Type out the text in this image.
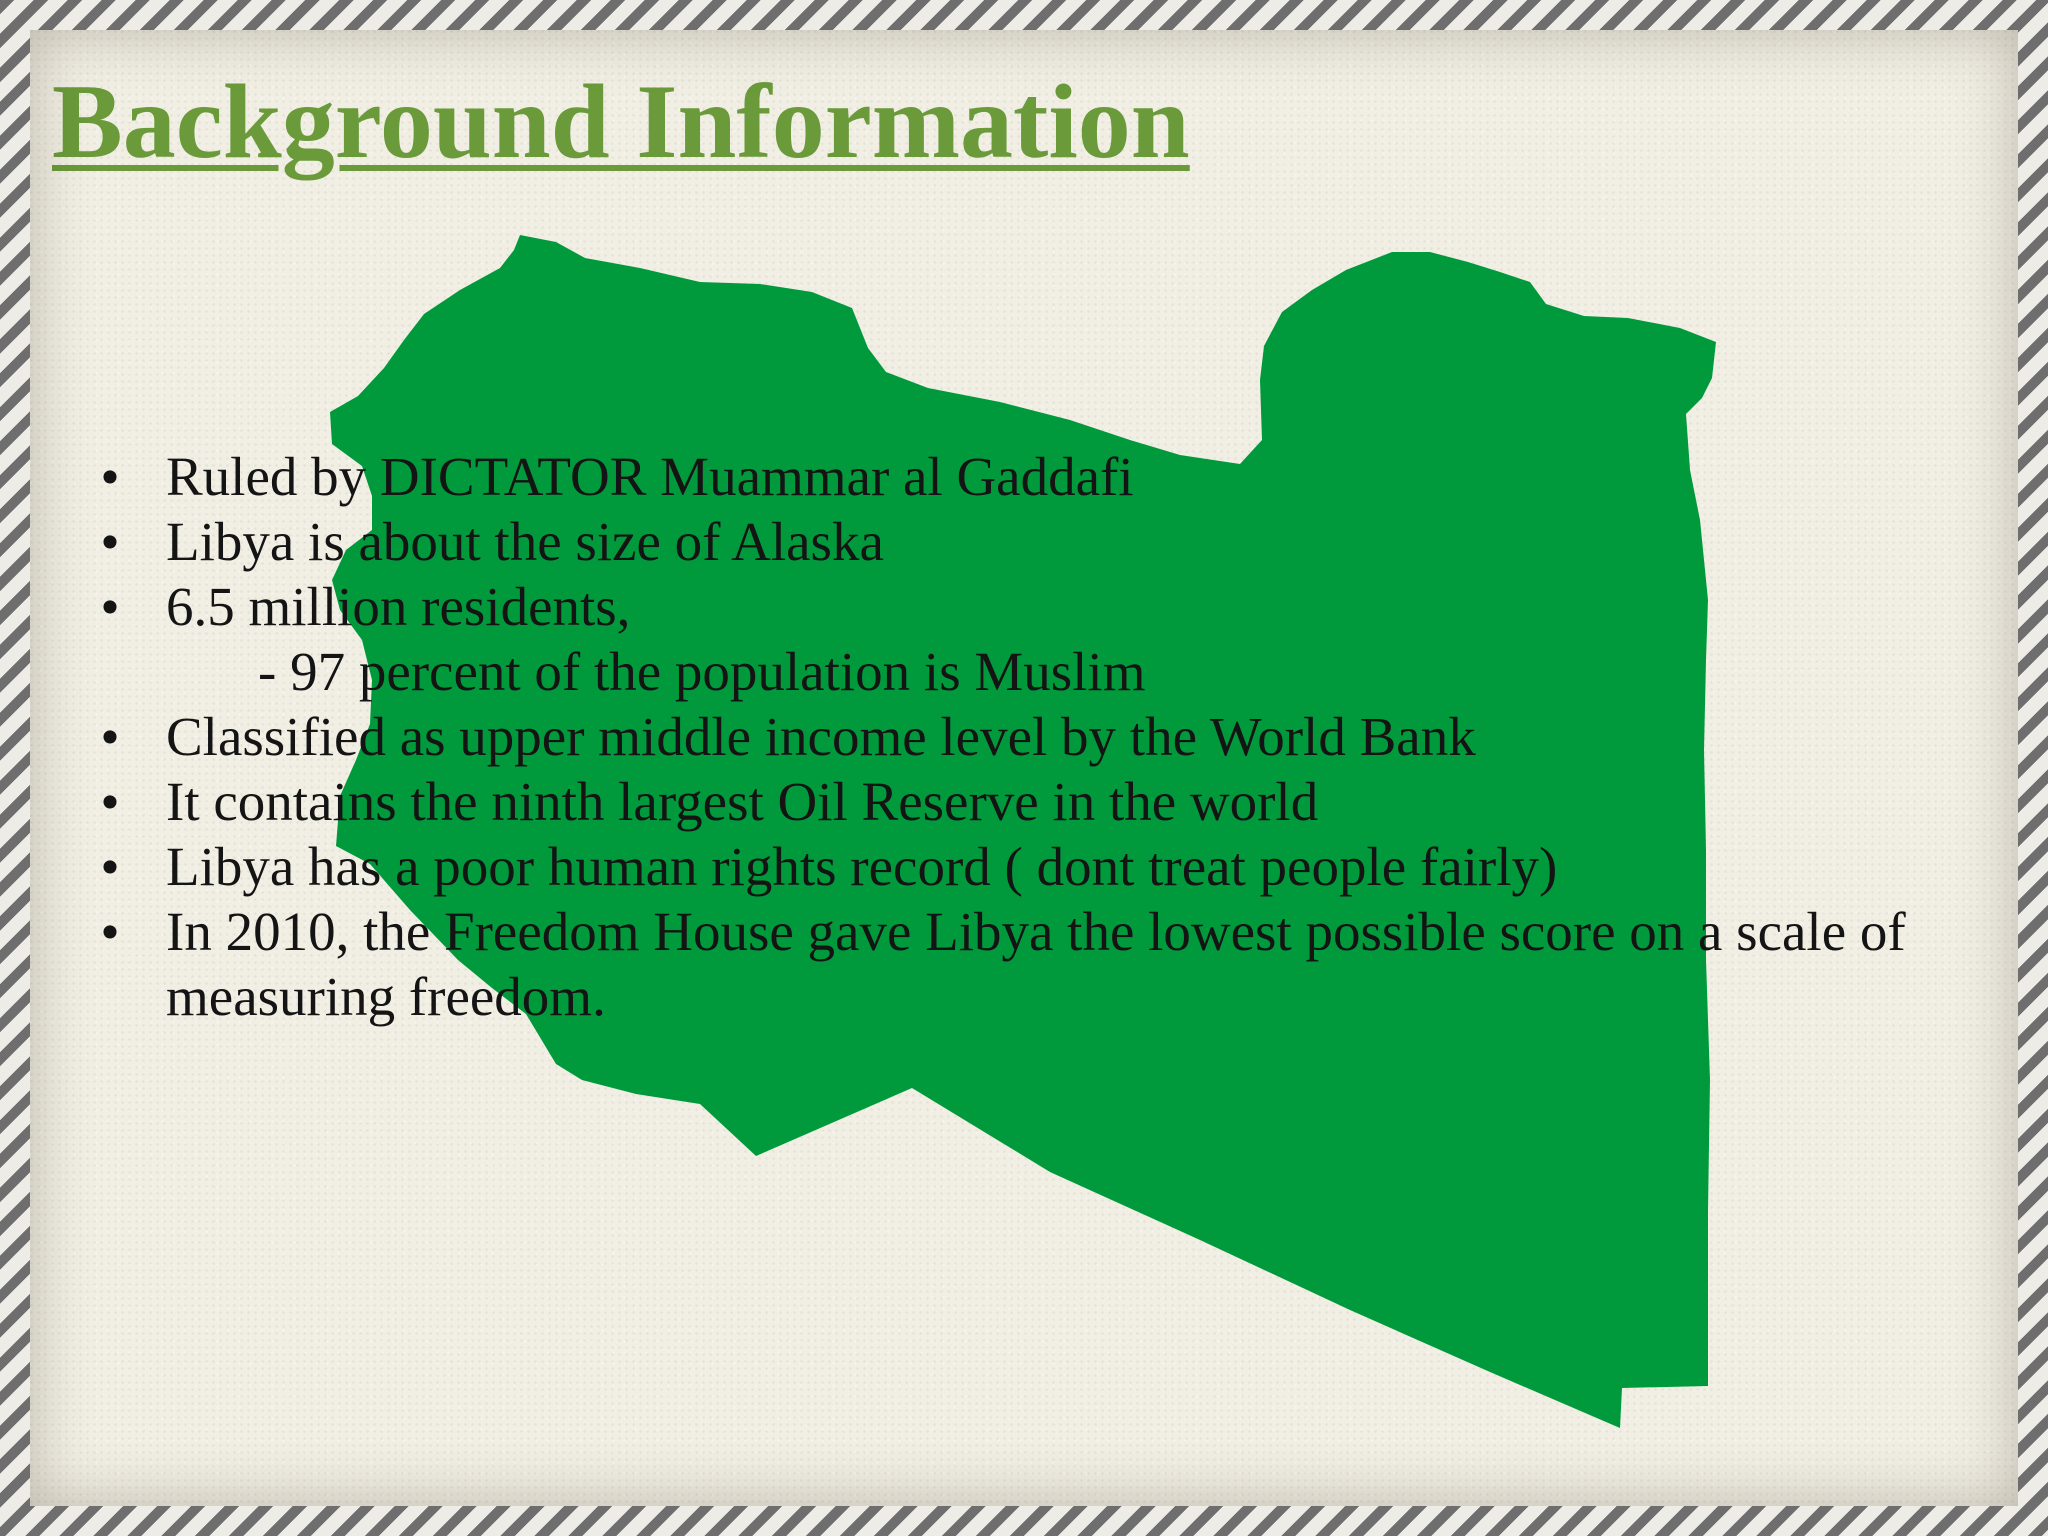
Background Information
• Ruled by DICTATOR Muammar al Gaddafi
• Libya is about the size of Alaska
• 6.5 million residents,
- 97 percent of the population is Muslim
• Classified as upper middle income level by the World Bank
• It contains the ninth largest Oil Reserve in the world
• Libya has a poor human rights record ( dont treat people fairly)
• In 2010, the Freedom House gave Libya the lowest possible score on a scale of measuring freedom.
